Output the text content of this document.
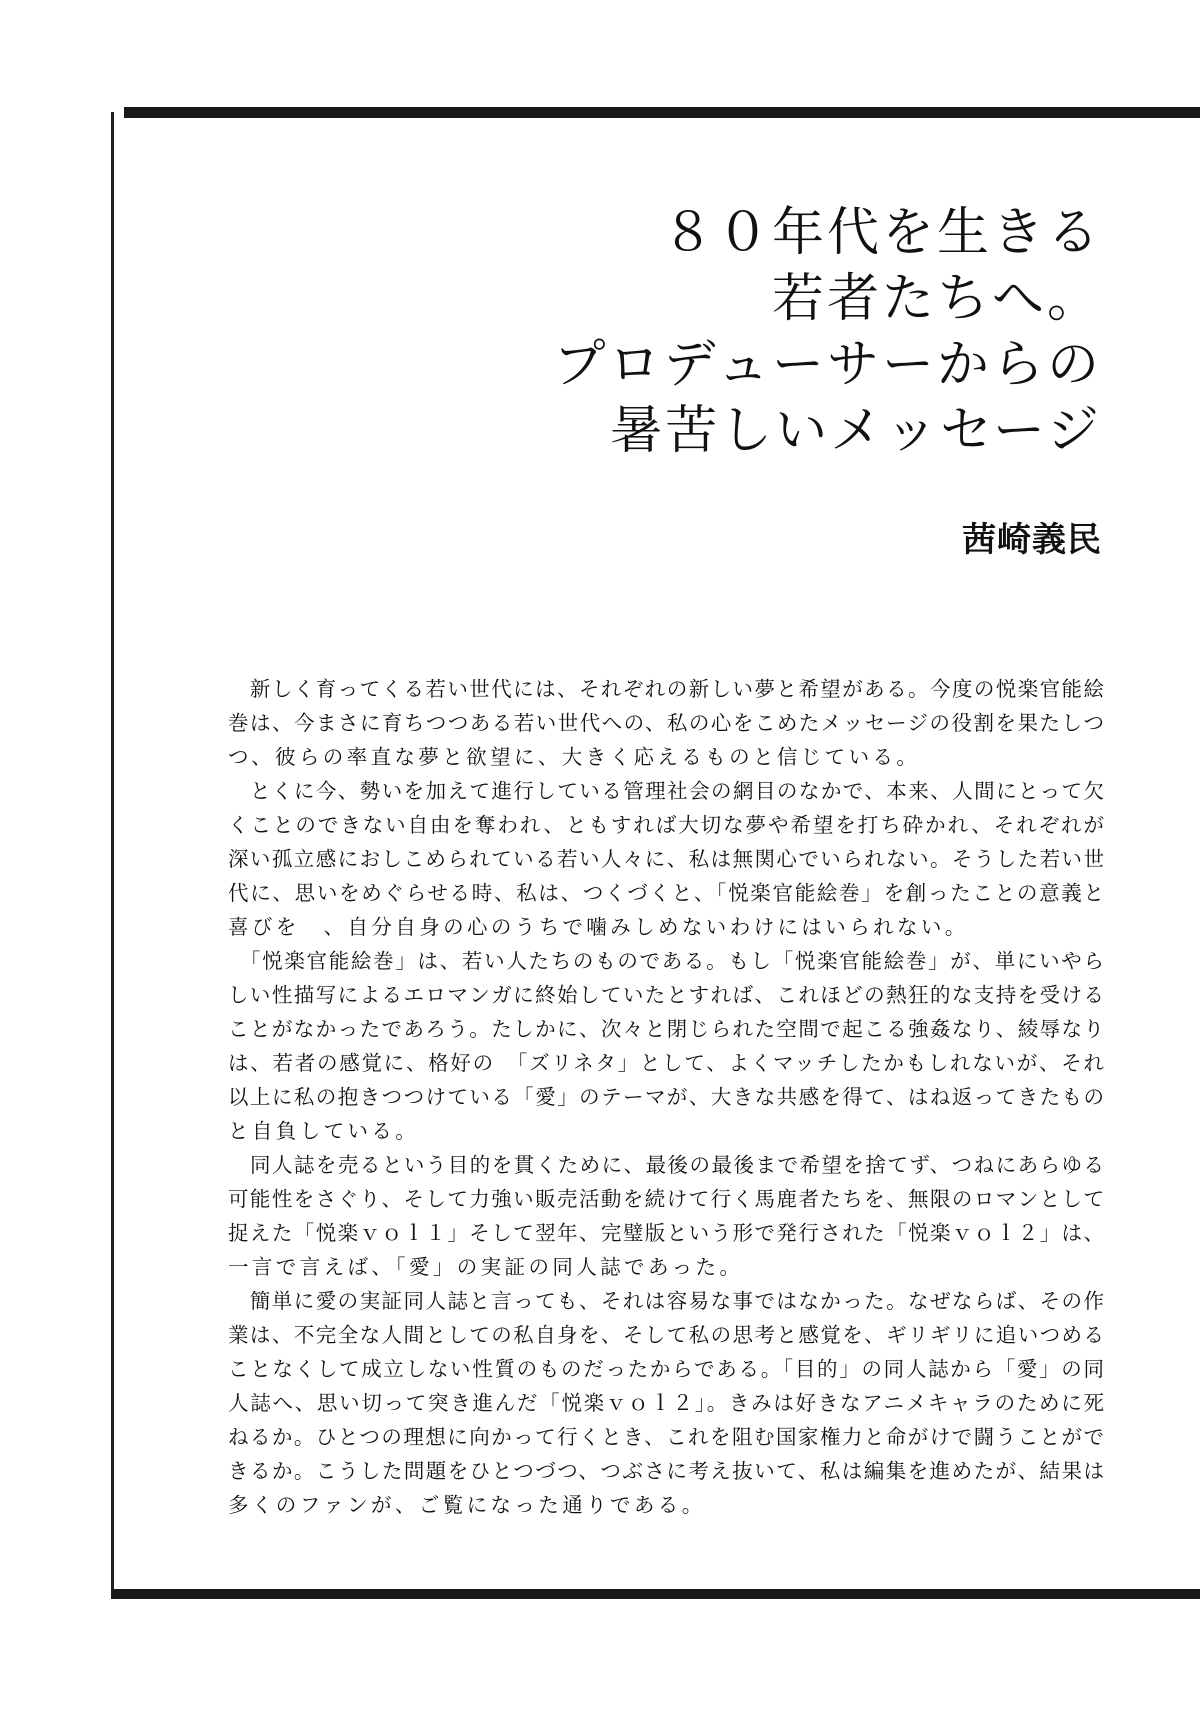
８０年代を生きる
若者たちへ。
プロデューサーからの
暑苦しいメッセージ
茜崎義民
　新しく育ってくる若い世代には、それぞれの新しい夢と希望がある。今度の悦楽官能絵
巻は、今まさに育ちつつある若い世代への、私の心をこめたメッセージの役割を果たしつ
つ、彼らの率直な夢と欲望に、大きく応えるものと信じている。
　とくに今、勢いを加えて進行している管理社会の網目のなかで、本来、人間にとって欠
くことのできない自由を奪われ、ともすれば大切な夢や希望を打ち砕かれ、それぞれが
深い孤立感におしこめられている若い人々に、私は無関心でいられない。そうした若い世
代に、思いをめぐらせる時、私は、つくづくと、「悦楽官能絵巻」を創ったことの意義と
喜びを　、自分自身の心のうちで噛みしめないわけにはいられない。
　「悦楽官能絵巻」は、若い人たちのものである。もし「悦楽官能絵巻」が、単にいやら
しい性描写によるエロマンガに終始していたとすれば、これほどの熱狂的な支持を受ける
ことがなかったであろう。たしかに、次々と閉じられた空間で起こる強姦なり、綾辱なり
は、若者の感覚に、格好の　「ズリネタ」として、よくマッチしたかもしれないが、それ
以上に私の抱きつつけている「愛」のテーマが、大きな共感を得て、はね返ってきたもの
と自負している。
　同人誌を売るという目的を貫くために、最後の最後まで希望を捨てず、つねにあらゆる
可能性をさぐり、そして力強い販売活動を続けて行く馬鹿者たちを、無限のロマンとして
捉えた「悦楽ｖｏｌ１」そして翌年、完璧版という形で発行された「悦楽ｖｏｌ２」は、
一言で言えば、「愛」の実証の同人誌であった。
　簡単に愛の実証同人誌と言っても、それは容易な事ではなかった。なぜならば、その作
業は、不完全な人間としての私自身を、そして私の思考と感覚を、ギリギリに追いつめる
ことなくして成立しない性質のものだったからである。「目的」の同人誌から「愛」の同
人誌へ、思い切って突き進んだ「悦楽ｖｏｌ２」。きみは好きなアニメキャラのために死
ねるか。ひとつの理想に向かって行くとき、これを阻む国家権力と命がけで闘うことがで
きるか。こうした問題をひとつづつ、つぶさに考え抜いて、私は編集を進めたが、結果は
多くのファンが、ご覧になった通りである。
